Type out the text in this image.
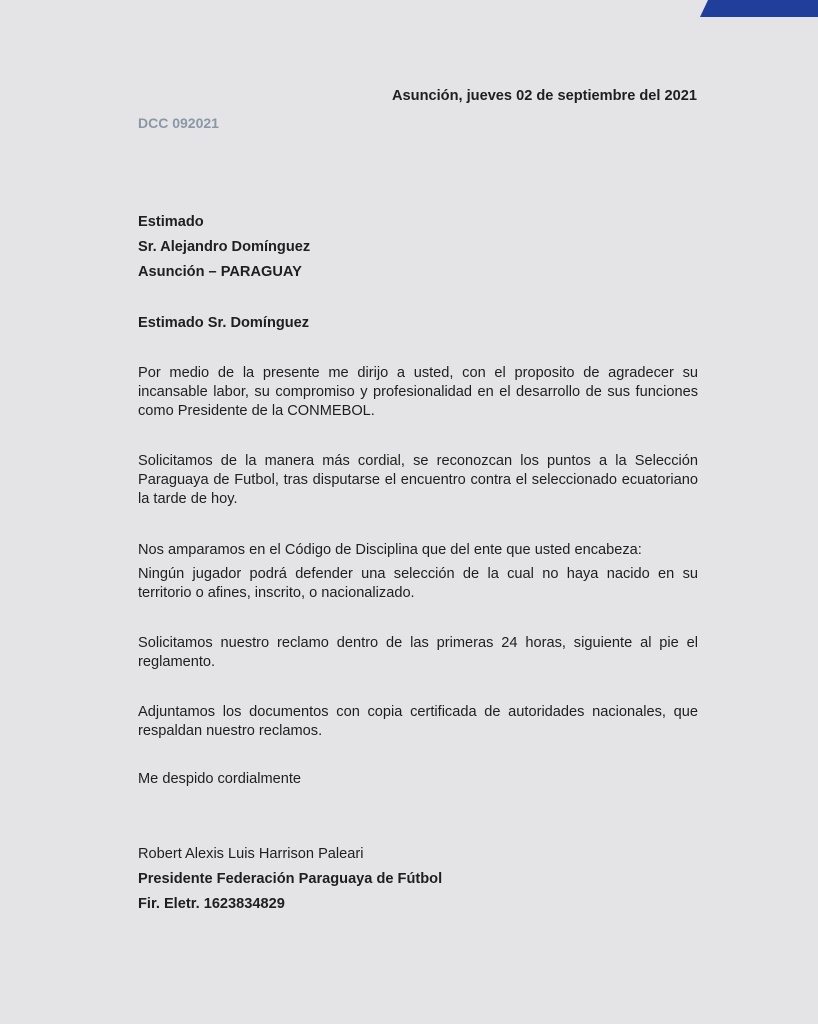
Asunción, jueves 02 de septiembre del 2021

DCC 092021

Estimado

Sr. Alejandro Domínguez

Asunción – PARAGUAY

Estimado Sr. Domínguez

Por medio de la presente me dirijo a usted, con el proposito de agradecer su incansable labor, su compromiso y profesionalidad en el desarrollo de sus funciones como Presidente de la CONMEBOL.

Solicitamos de la manera más cordial, se reconozcan los puntos a la Selección Paraguaya de Futbol, tras disputarse el encuentro contra el seleccionado ecuatoriano la tarde de hoy.

Nos amparamos en el Código de Disciplina que del ente que usted encabeza:

Ningún jugador podrá defender una selección de la cual no haya nacido en su territorio o afines, inscrito, o nacionalizado.

Solicitamos nuestro reclamo dentro de las primeras 24 horas, siguiente al pie el reglamento.

Adjuntamos los documentos con copia certificada de autoridades nacionales, que respaldan nuestro reclamos.

Me despido cordialmente

Robert Alexis Luis Harrison Paleari

Presidente Federación Paraguaya de Fútbol

Fir. Eletr. 1623834829
